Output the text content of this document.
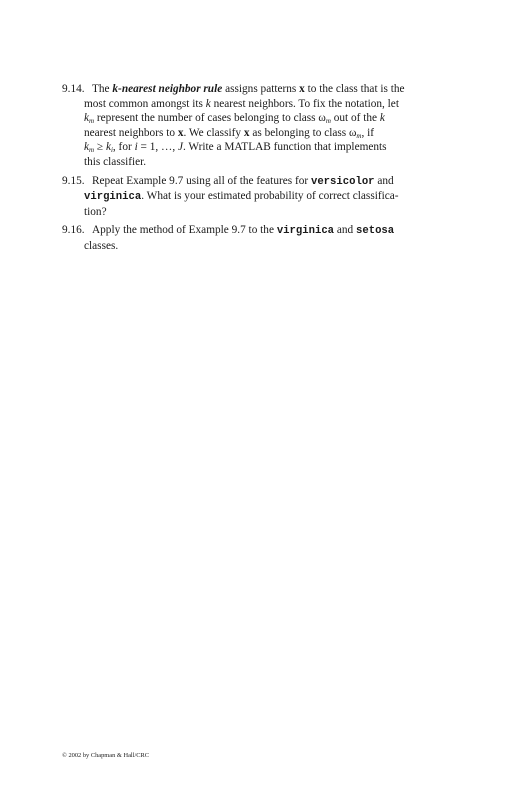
9.14. The k-nearest neighbor rule assigns patterns x to the class that is the
most common amongst its k nearest neighbors. To fix the notation, let
$k_m$ represent the number of cases belonging to class $\omega_m$ out of the k
nearest neighbors to x. We classify x as belonging to class $\omega_m$, if
$k_m \ge k_i$, for i = 1, …, J. Write a MATLAB function that implements
this classifier.
9.15. Repeat Example 9.7 using all of the features for versicolor and
virginica. What is your estimated probability of correct classifica-
tion?
9.16. Apply the method of Example 9.7 to the virginica and setosa
classes.
© 2002 by Chapman & Hall/CRC
